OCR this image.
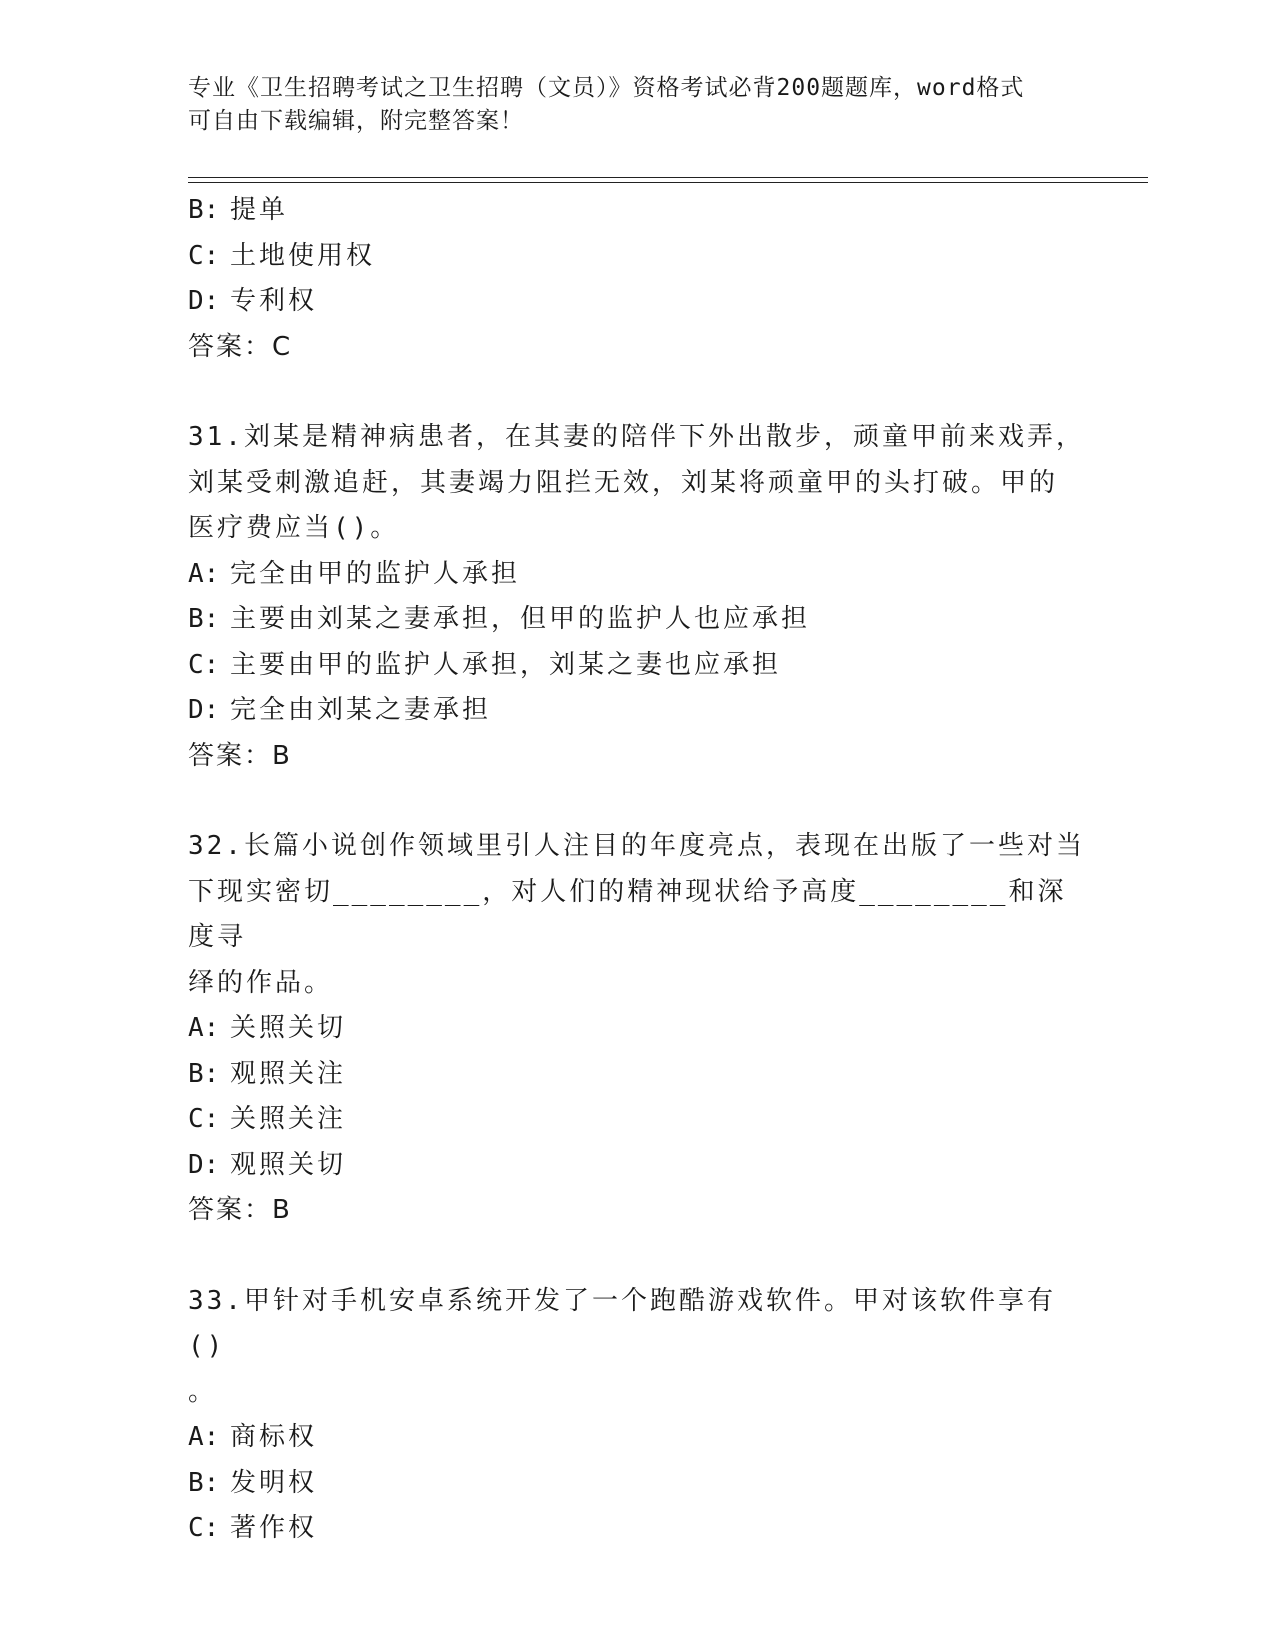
专业《卫生招聘考试之卫生招聘（文员）》资格考试必背200题题库，word格式
可自由下载编辑，附完整答案！
B: 提单
C: 土地使用权
D: 专利权
答案：C
31.刘某是精神病患者，在其妻的陪伴下外出散步，顽童甲前来戏弄，
刘某受刺激追赶，其妻竭力阻拦无效，刘某将顽童甲的头打破。甲的
医疗费应当()。
A: 完全由甲的监护人承担
B: 主要由刘某之妻承担，但甲的监护人也应承担
C: 主要由甲的监护人承担，刘某之妻也应承担
D: 完全由刘某之妻承担
答案：B
32.长篇小说创作领域里引人注目的年度亮点，表现在出版了一些对当
下现实密切________，对人们的精神现状给予高度________和深度寻
绎的作品。
A: 关照关切
B: 观照关注
C: 关照关注
D: 观照关切
答案：B
33.甲针对手机安卓系统开发了一个跑酷游戏软件。甲对该软件享有()
。
A: 商标权
B: 发明权
C: 著作权
